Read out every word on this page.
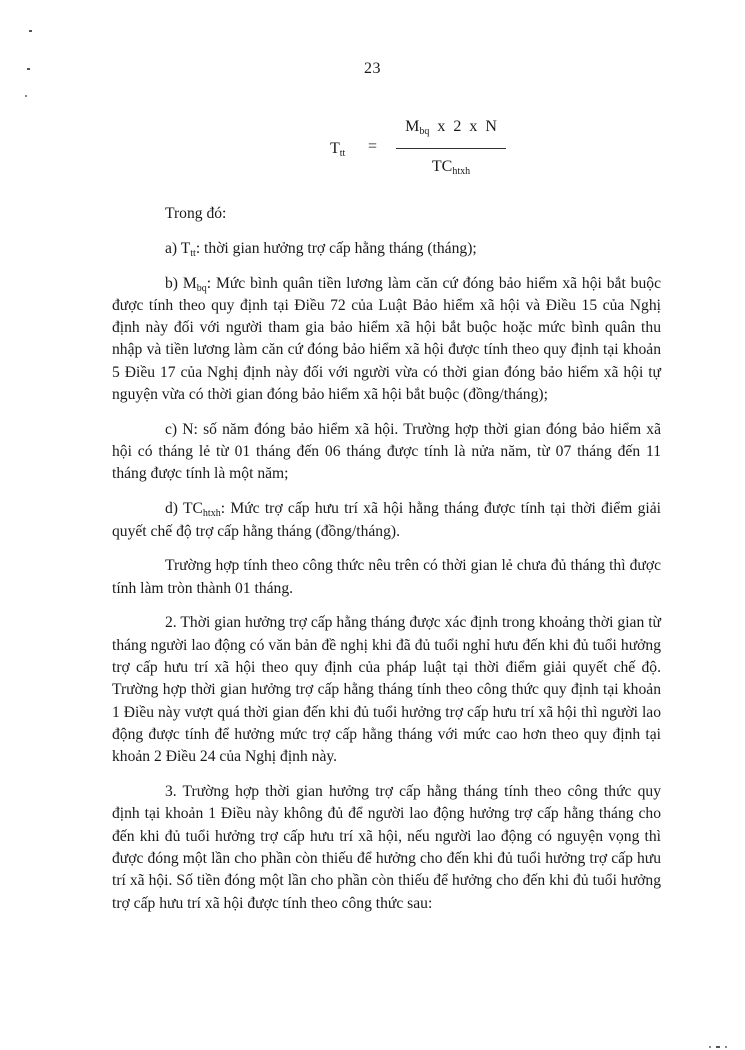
23
$T_{tt}$ =
$M_{bq}$ x 2 x N
$TC_{htxh}$

Trong đó:

a) $T_{tt}$: thời gian hưởng trợ cấp hằng tháng (tháng);

b) $M_{bq}$: Mức bình quân tiền lương làm căn cứ đóng bảo hiểm xã hội bắt buộc được tính theo quy định tại Điều 72 của Luật Bảo hiểm xã hội và Điều 15 của Nghị định này đối với người tham gia bảo hiểm xã hội bắt buộc hoặc mức bình quân thu nhập và tiền lương làm căn cứ đóng bảo hiểm xã hội được tính theo quy định tại khoản 5 Điều 17 của Nghị định này đối với người vừa có thời gian đóng bảo hiểm xã hội tự nguyện vừa có thời gian đóng bảo hiểm xã hội bắt buộc (đồng/tháng);

c) N: số năm đóng bảo hiểm xã hội. Trường hợp thời gian đóng bảo hiểm xã hội có tháng lẻ từ 01 tháng đến 06 tháng được tính là nửa năm, từ 07 tháng đến 11 tháng được tính là một năm;

d) $TC_{htxh}$: Mức trợ cấp hưu trí xã hội hằng tháng được tính tại thời điểm giải quyết chế độ trợ cấp hằng tháng (đồng/tháng).

Trường hợp tính theo công thức nêu trên có thời gian lẻ chưa đủ tháng thì được tính làm tròn thành 01 tháng.

2. Thời gian hưởng trợ cấp hằng tháng được xác định trong khoảng thời gian từ tháng người lao động có văn bản đề nghị khi đã đủ tuổi nghỉ hưu đến khi đủ tuổi hưởng trợ cấp hưu trí xã hội theo quy định của pháp luật tại thời điểm giải quyết chế độ. Trường hợp thời gian hưởng trợ cấp hằng tháng tính theo công thức quy định tại khoản 1 Điều này vượt quá thời gian đến khi đủ tuổi hưởng trợ cấp hưu trí xã hội thì người lao động được tính để hưởng mức trợ cấp hằng tháng với mức cao hơn theo quy định tại khoản 2 Điều 24 của Nghị định này.

3. Trường hợp thời gian hưởng trợ cấp hằng tháng tính theo công thức quy định tại khoản 1 Điều này không đủ để người lao động hưởng trợ cấp hằng tháng cho đến khi đủ tuổi hưởng trợ cấp hưu trí xã hội, nếu người lao động có nguyện vọng thì được đóng một lần cho phần còn thiếu để hưởng cho đến khi đủ tuổi hưởng trợ cấp hưu trí xã hội. Số tiền đóng một lần cho phần còn thiếu để hưởng cho đến khi đủ tuổi hưởng trợ cấp hưu trí xã hội được tính theo công thức sau:
